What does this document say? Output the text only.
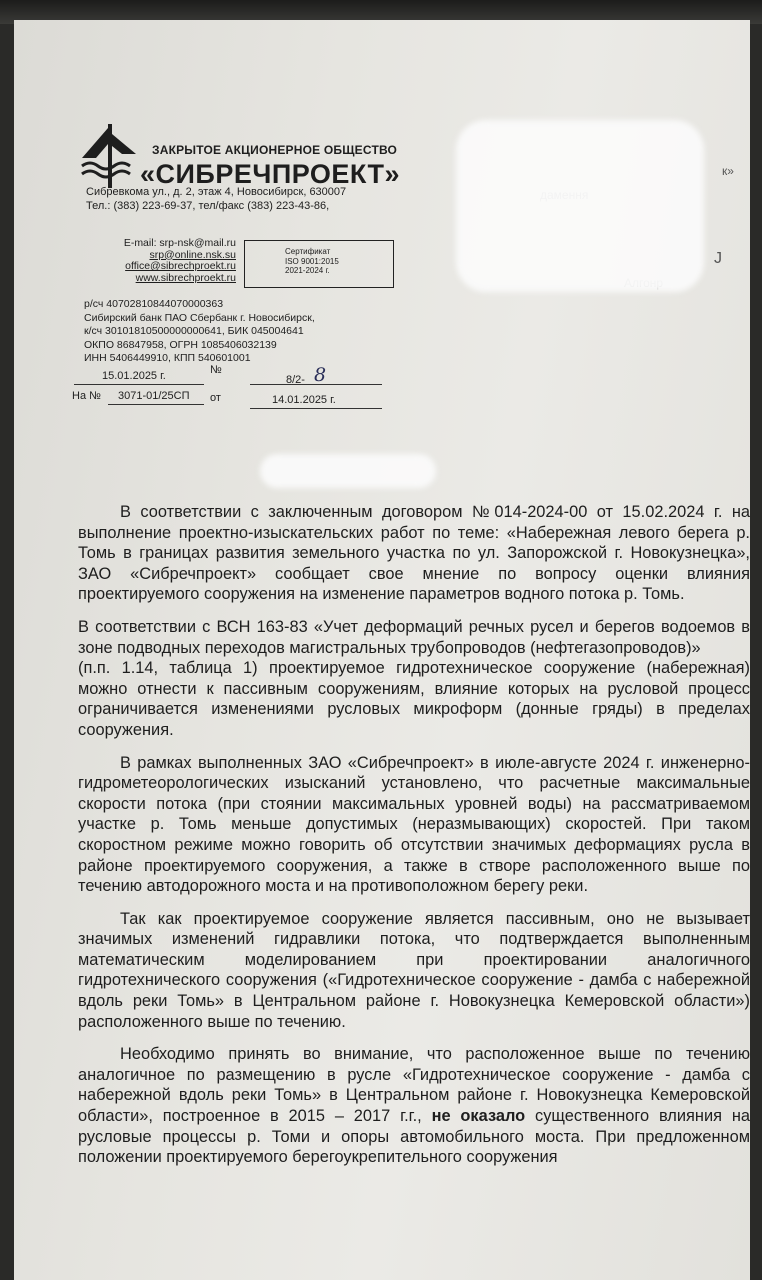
ЗАКРЫТОЕ АКЦИОНЕРНОЕ ОБЩЕСТВО
«СИБРЕЧПРОЕКТ»
Сибревкома ул., д. 2, этаж 4, Новосибирск, 630007
Тел.: (383) 223-69-37, тел/факс (383) 223-43-86,
E-mail: srp-nsk@mail.ru
srp@online.nsk.su
office@sibrechproekt.ru
www.sibrechproekt.ru
Сертификат
ISO 9001:2015
2021-2024 г.
р/сч 40702810844070000363
Сибирский банк ПАО Сбербанк г. Новосибирск,
к/сч 30101810500000000641, БИК 045004641
ОКПО 86847958, ОГРН 1085406032139
ИНН 5406449910, КПП 540601001
15.01.2025 г.	№
8/2- 8
На № 3071-01/25СП от	14.01.2025 г.
к»
J

В соответствии с заключенным договором №014-2024-00 от 15.02.2024 г. на выполнение проектно-изыскательских работ по теме: «Набережная левого берега р. Томь в границах развития земельного участка по ул. Запорожской г. Новокузнецка», ЗАО «Сибречпроект» сообщает свое мнение по вопросу оценки влияния проектируемого сооружения на изменение параметров водного потока р. Томь.

В соответствии с ВСН 163-83 «Учет деформаций речных русел и берегов водоемов в зоне подводных переходов магистральных трубопроводов (нефтегазопроводов)»

(п.п. 1.14, таблица 1) проектируемое гидротехническое сооружение (набережная) можно отнести к пассивным сооружениям, влияние которых на русловой процесс ограничивается изменениями русловых микроформ (донные гряды) в пределах сооружения.

В рамках выполненных ЗАО «Сибречпроект» в июле-августе 2024 г. инженерно-гидрометеорологических изысканий установлено, что расчетные максимальные скорости потока (при стоянии максимальных уровней воды) на рассматриваемом участке р. Томь меньше допустимых (неразмывающих) скоростей. При таком скоростном режиме можно говорить об отсутствии значимых деформациях русла в районе проектируемого сооружения, а также в створе расположенного выше по течению автодорожного моста и на противоположном берегу реки.

Так как проектируемое сооружение является пассивным, оно не вызывает значимых изменений гидравлики потока, что подтверждается выполненным математическим моделированием при проектировании аналогичного гидротехнического сооружения («Гидротехническое сооружение - дамба с набережной вдоль реки Томь» в Центральном районе г. Новокузнецка Кемеровской области») расположенного выше по течению.

Необходимо принять во внимание, что расположенное выше по течению аналогичное по размещению в русле «Гидротехническое сооружение - дамба с набережной вдоль реки Томь» в Центральном районе г. Новокузнецка Кемеровской области», построенное в 2015 – 2017 г.г., не оказало существенного влияния на русловые процессы р. Томи и опоры автомобильного моста. При предложенном положении проектируемого берегоукрепительного сооружения
